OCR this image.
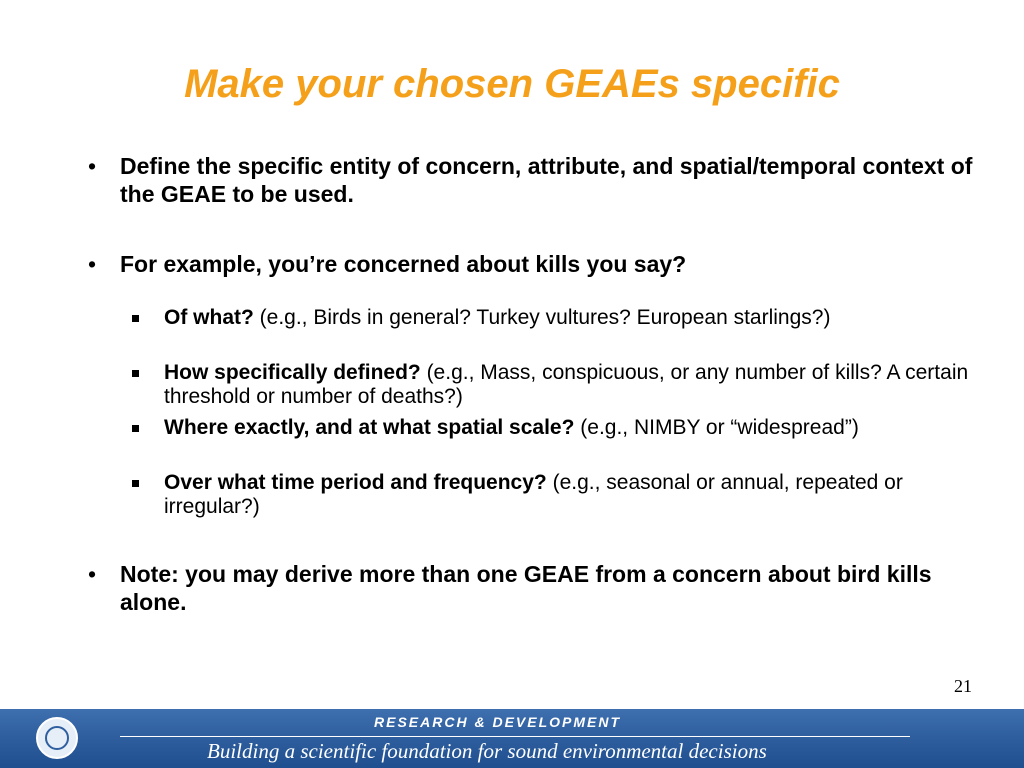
Make your chosen GEAEs specific
• Define the specific entity of concern, attribute, and spatial/temporal context of the GEAE to be used.
• For example, you’re concerned about kills you say?
Of what? (e.g., Birds in general? Turkey vultures? European starlings?)
How specifically defined? (e.g., Mass, conspicuous, or any number of kills? A certain threshold or number of deaths?)
Where exactly, and at what spatial scale? (e.g., NIMBY or “widespread”)
Over what time period and frequency? (e.g., seasonal or annual, repeated or irregular?)
• Note: you may derive more than one GEAE from a concern about bird kills alone.
21
RESEARCH & DEVELOPMENT
Building a scientific foundation for sound environmental decisions
